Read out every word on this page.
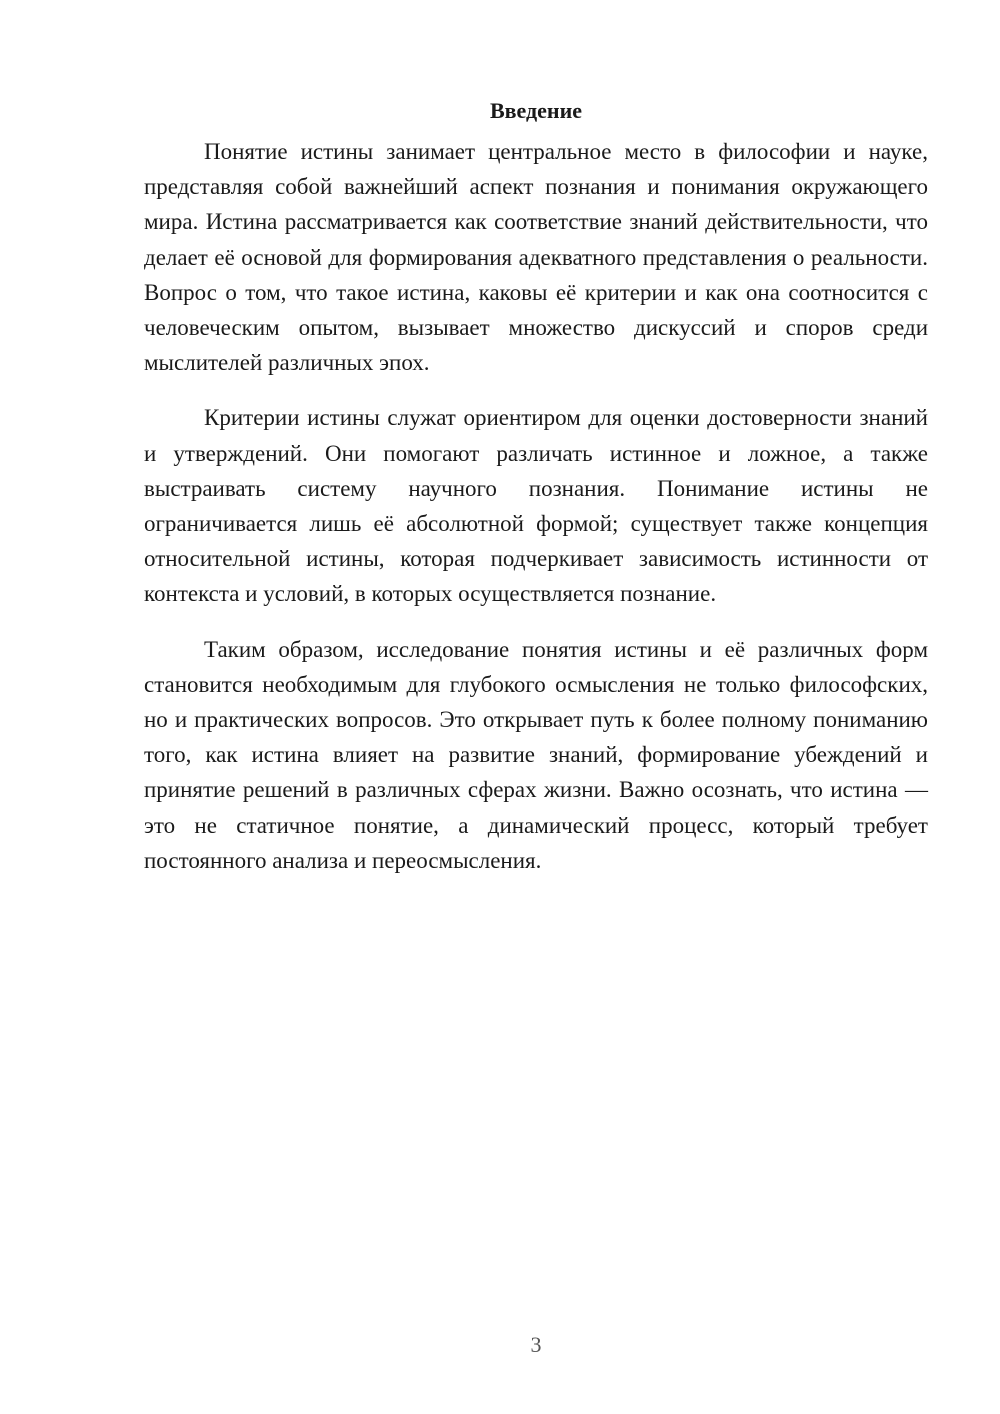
Введение

Понятие истины занимает центральное место в философии и науке, представляя собой важнейший аспект познания и понимания окружающего мира. Истина рассматривается как соответствие знаний действительности, что делает её основой для формирования адекватного представления о реальности. Вопрос о том, что такое истина, каковы её критерии и как она соотносится с человеческим опытом, вызывает множество дискуссий и споров среди мыслителей различных эпох.

Критерии истины служат ориентиром для оценки достоверности знаний и утверждений. Они помогают различать истинное и ложное, а также выстраивать систему научного познания. Понимание истины не ограничивается лишь её абсолютной формой; существует также концепция относительной истины, которая подчеркивает зависимость истинности от контекста и условий, в которых осуществляется познание.

Таким образом, исследование понятия истины и её различных форм становится необходимым для глубокого осмысления не только философских, но и практических вопросов. Это открывает путь к более полному пониманию того, как истина влияет на развитие знаний, формирование убеждений и принятие решений в различных сферах жизни. Важно осознать, что истина — это не статичное понятие, а динамический процесс, который требует постоянного анализа и переосмысления.

3
